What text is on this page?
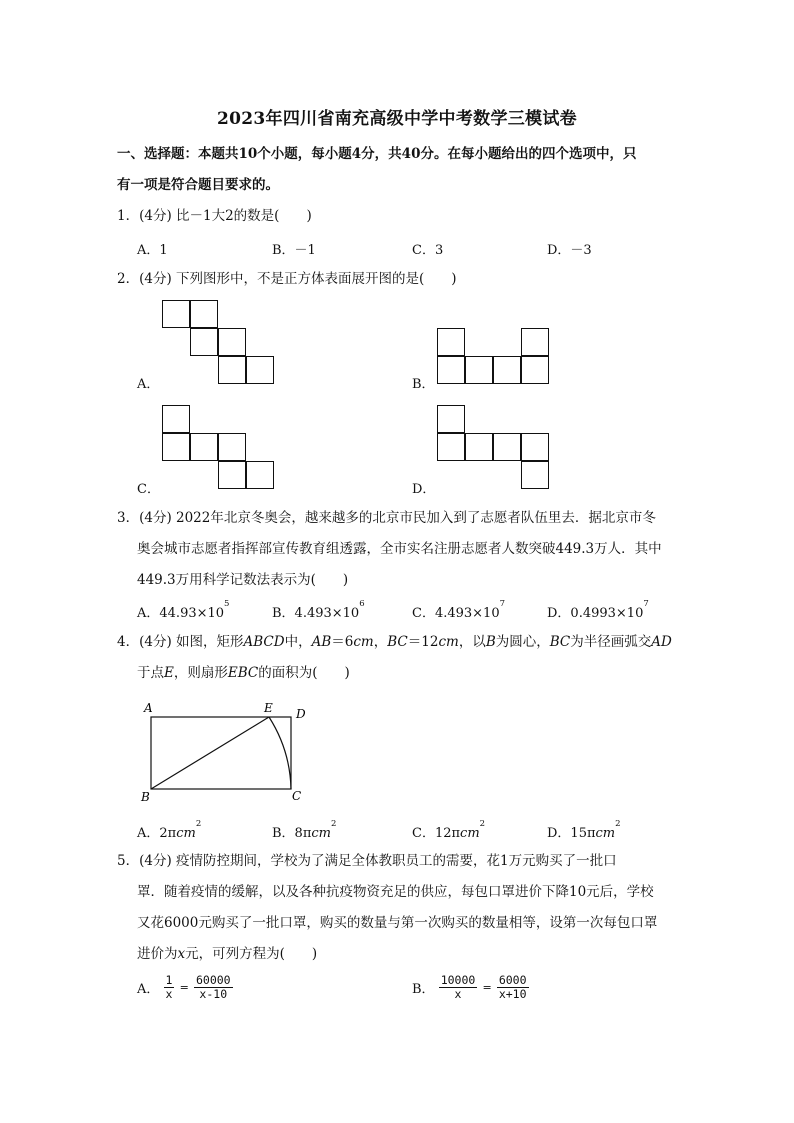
2023年四川省南充高级中学中考数学三模试卷
一、选择题：本题共10个小题，每小题4分，共40分。在每小题给出的四个选项中，只
有一项是符合题目要求的。
1．(4分) 比－1大2的数是(　　)
A．1	B．－1	C．3	D．－3
2．(4分) 下列图形中，不是正方体表面展开图的是(　　)
A．	B．
C．	D．
3．(4分) 2022年北京冬奥会，越来越多的北京市民加入到了志愿者队伍里去．据北京市冬
奥会城市志愿者指挥部宣传教育组透露，全市实名注册志愿者人数突破449.3万人．其中
449.3万用科学记数法表示为(　　)
A．$44.93\times 10^5$
B．$4.493\times 10^6$
C．$4.493\times 10^7$
D．$0.4993\times 10^7$
4．(4分) 如图，矩形ABCD中，AB＝6cm，BC＝12cm，以B为圆心，BC为半径画弧交AD
于点E，则扇形EBC的面积为(　　)
A	E D
B	C
A．2πcm$^2$
B．8πcm$^2$
C．12πcm$^2$
D．15πcm$^2$
5．(4分) 疫情防控期间，学校为了满足全体教职员工的需要，花1万元购买了一批口
罩．随着疫情的缓解，以及各种抗疫物资充足的供应，每包口罩进价下降10元后，学校
又花6000元购买了一批口罩，购买的数量与第一次购买的数量相等，设第一次每包口罩
进价为x元，可列方程为(　　)
A． $\frac{1}{x} = \frac{60000}{x-10}$	B． $\frac{10000}{x} = \frac{6000}{x+10}$
